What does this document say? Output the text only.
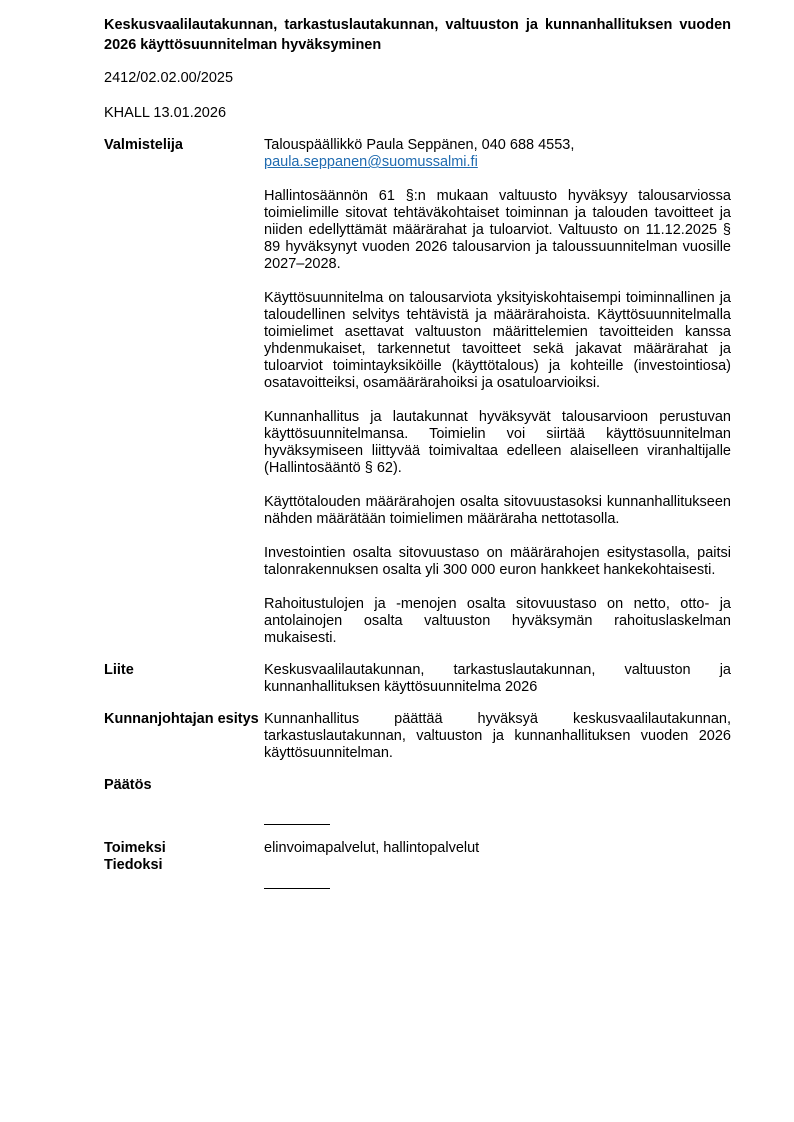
Keskusvaalilautakunnan, tarkastuslautakunnan, valtuuston ja kunnanhallituksen vuoden 2026 käyttösuunnitelman hyväksyminen

2412/02.02.00/2025

KHALL 13.01.2026

Valmistelija	Talouspäällikkö Paula Seppänen, 040 688 4553,
paula.seppanen@suomussalmi.fi

Hallintosäännön 61 §:n mukaan valtuusto hyväksyy talousarviossa toimielimille sitovat tehtäväkohtaiset toiminnan ja talouden tavoitteet ja niiden edellyttämät määrärahat ja tuloarviot. Valtuusto on 11.12.2025 § 89 hyväksynyt vuoden 2026 talousarvion ja taloussuunnitelman vuosille 2027–2028.

Käyttösuunnitelma on talousarviota yksityiskohtaisempi toiminnallinen ja taloudellinen selvitys tehtävistä ja määrärahoista. Käyttösuunnitelmalla toimielimet asettavat valtuuston määrittelemien tavoitteiden kanssa yhdenmukaiset, tarkennetut tavoitteet sekä jakavat määrärahat ja tuloarviot toimintayksiköille (käyttötalous) ja kohteille (investointiosa) osatavoitteiksi, osamäärärahoiksi ja osatuloarvioiksi.

Kunnanhallitus ja lautakunnat hyväksyvät talousarvioon perustuvan käyttösuunnitelmansa. Toimielin voi siirtää käyttösuunnitelman hyväksymiseen liittyvää toimivaltaa edelleen alaiselleen viranhaltijalle (Hallintosääntö § 62).

Käyttötalouden määrärahojen osalta sitovuustasoksi kunnanhallitukseen nähden määrätään toimielimen määräraha nettotasolla.

Investointien osalta sitovuustaso on määrärahojen esitystasolla, paitsi talonrakennuksen osalta yli 300 000 euron hankkeet hankekohtaisesti.

Rahoitustulojen ja -menojen osalta sitovuustaso on netto, otto- ja antolainojen osalta valtuuston hyväksymän rahoituslaskelman mukaisesti.

Liite	Keskusvaalilautakunnan, tarkastuslautakunnan, valtuuston ja kunnanhallituksen käyttösuunnitelma 2026

Kunnanjohtajan esitys Kunnanhallitus päättää hyväksyä keskusvaalilautakunnan, tarkastuslautakunnan, valtuuston ja kunnanhallituksen vuoden 2026 käyttösuunnitelman.

Päätös

Toimeksi
Tiedoksi

elinvoimapalvelut, hallintopalvelut
